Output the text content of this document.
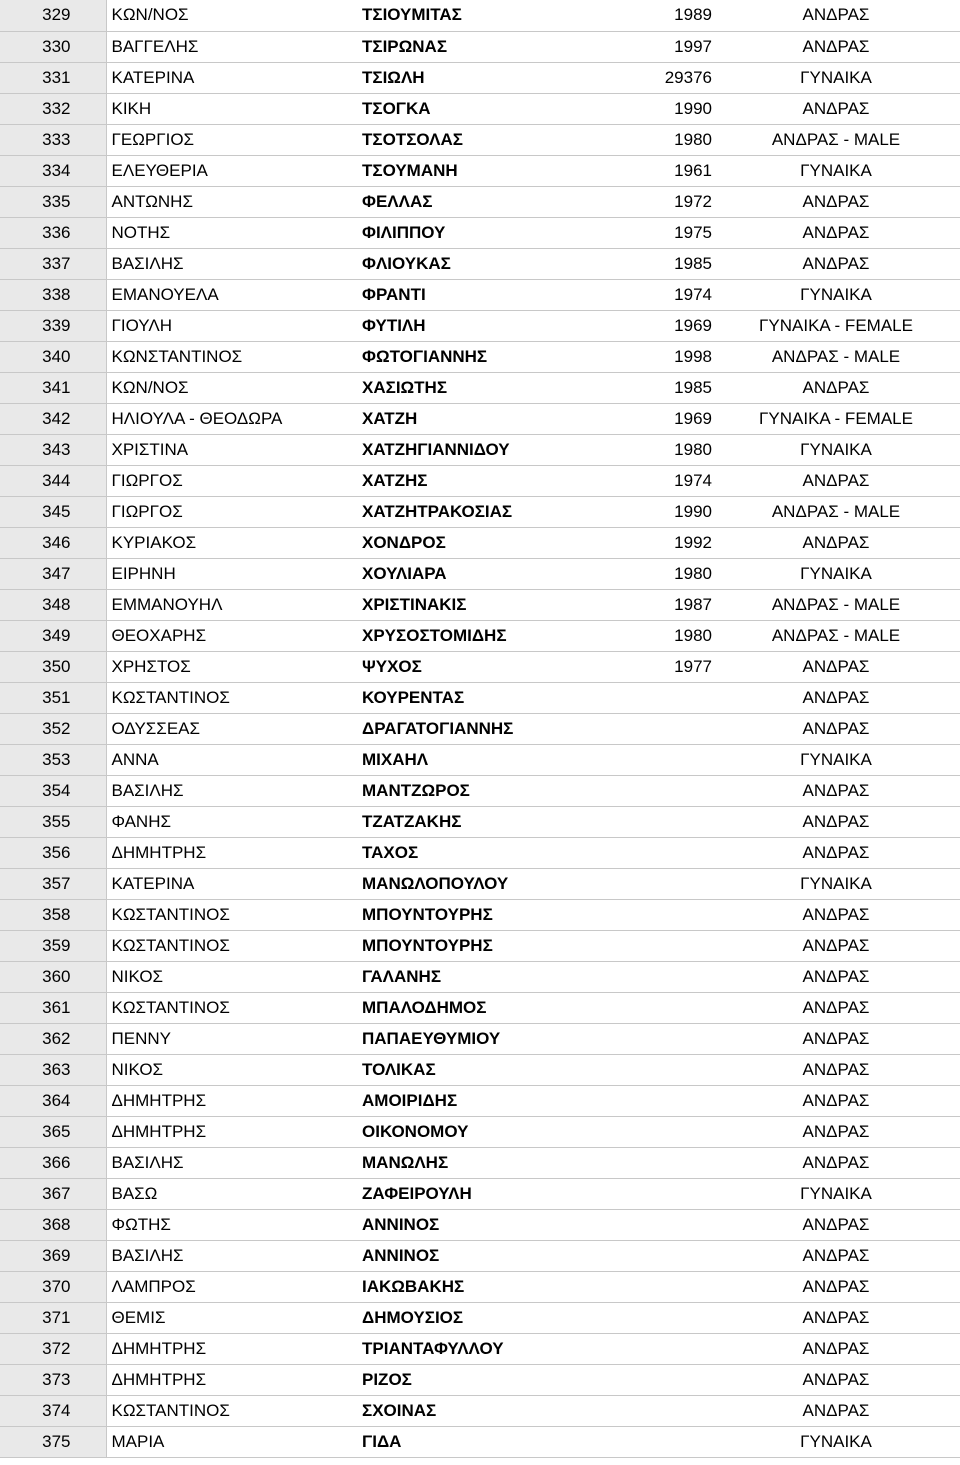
329	ΚΩΝ/ΝΟΣ	ΤΣΙΟΥΜΙΤΑΣ	1989	ΑΝΔΡΑΣ
330	ΒΑΓΓΕΛΗΣ	ΤΣΙΡΩΝΑΣ	1997	ΑΝΔΡΑΣ
331	ΚΑΤΕΡΙΝΑ	ΤΣΙΩΛΗ	29376	ΓΥΝΑΙΚΑ
332	ΚΙΚΗ	ΤΣΟΓΚΑ	1990	ΑΝΔΡΑΣ
333	ΓΕΩΡΓΙΟΣ	ΤΣΟΤΣΟΛΑΣ	1980	ΑΝΔΡΑΣ - MALE
334	ΕΛΕΥΘΕΡΙΑ	ΤΣΟΥΜΑΝΗ	1961	ΓΥΝΑΙΚΑ
335	ΑΝΤΩΝΗΣ	ΦΕΛΛΑΣ	1972	ΑΝΔΡΑΣ
336	ΝΟΤΗΣ	ΦΙΛΙΠΠΟΥ	1975	ΑΝΔΡΑΣ
337	ΒΑΣΙΛΗΣ	ΦΛΙΟΥΚΑΣ	1985	ΑΝΔΡΑΣ
338	ΕΜΑΝΟΥΕΛΑ	ΦΡΑΝΤΙ	1974	ΓΥΝΑΙΚΑ
339	ΓΙΟΥΛΗ	ΦΥΤΙΛΗ	1969	ΓΥΝΑΙΚΑ - FEMALE
340	ΚΩΝΣΤΑΝΤΙΝΟΣ	ΦΩΤΟΓΙΑΝΝΗΣ	1998	ΑΝΔΡΑΣ - MALE
341	ΚΩΝ/ΝΟΣ	ΧΑΣΙΩΤΗΣ	1985	ΑΝΔΡΑΣ
342	ΗΛΙΟΥΛΑ - ΘΕΟΔΩΡΑ	ΧΑΤΖΗ	1969	ΓΥΝΑΙΚΑ - FEMALE
343	ΧΡΙΣΤΙΝΑ	ΧΑΤΖΗΓΙΑΝΝΙΔΟΥ	1980	ΓΥΝΑΙΚΑ
344	ΓΙΩΡΓΟΣ	ΧΑΤΖΗΣ	1974	ΑΝΔΡΑΣ
345	ΓΙΩΡΓΟΣ	ΧΑΤΖΗΤΡΑΚΟΣΙΑΣ	1990	ΑΝΔΡΑΣ - MALE
346	ΚΥΡΙΑΚΟΣ	ΧΟΝΔΡΟΣ	1992	ΑΝΔΡΑΣ
347	ΕΙΡΗΝΗ	ΧΟΥΛΙΑΡΑ	1980	ΓΥΝΑΙΚΑ
348	ΕΜΜΑΝΟΥΗΛ	ΧΡΙΣΤΙΝΑΚΙΣ	1987	ΑΝΔΡΑΣ - MALE
349	ΘΕΟΧΑΡΗΣ	ΧΡΥΣΟΣΤΟΜΙΔΗΣ	1980	ΑΝΔΡΑΣ - MALE
350	ΧΡΗΣΤΟΣ	ΨΥΧΟΣ	1977	ΑΝΔΡΑΣ
351	ΚΩΣΤΑΝΤΙΝΟΣ	ΚΟΥΡΕΝΤΑΣ		ΑΝΔΡΑΣ
352	ΟΔΥΣΣΕΑΣ	ΔΡΑΓΑΤΟΓΙΑΝΝΗΣ		ΑΝΔΡΑΣ
353	ΑΝΝΑ	ΜΙΧΑΗΛ		ΓΥΝΑΙΚΑ
354	ΒΑΣΙΛΗΣ	ΜΑΝΤΖΩΡΟΣ		ΑΝΔΡΑΣ
355	ΦΑΝΗΣ	ΤΖΑΤΖΑΚΗΣ		ΑΝΔΡΑΣ
356	ΔΗΜΗΤΡΗΣ	ΤΑΧΟΣ		ΑΝΔΡΑΣ
357	ΚΑΤΕΡΙΝΑ	ΜΑΝΩΛΟΠΟΥΛΟΥ		ΓΥΝΑΙΚΑ
358	ΚΩΣΤΑΝΤΙΝΟΣ	ΜΠΟΥΝΤΟΥΡΗΣ		ΑΝΔΡΑΣ
359	ΚΩΣΤΑΝΤΙΝΟΣ	ΜΠΟΥΝΤΟΥΡΗΣ		ΑΝΔΡΑΣ
360	ΝΙΚΟΣ	ΓΑΛΑΝΗΣ		ΑΝΔΡΑΣ
361	ΚΩΣΤΑΝΤΙΝΟΣ	ΜΠΑΛΟΔΗΜΟΣ		ΑΝΔΡΑΣ
362	ΠΕΝΝΥ	ΠΑΠΑΕΥΘΥΜΙΟΥ		ΑΝΔΡΑΣ
363	ΝΙΚΟΣ	ΤΟΛΙΚΑΣ		ΑΝΔΡΑΣ
364	ΔΗΜΗΤΡΗΣ	ΑΜΟΙΡΙΔΗΣ		ΑΝΔΡΑΣ
365	ΔΗΜΗΤΡΗΣ	ΟΙΚΟΝΟΜΟΥ		ΑΝΔΡΑΣ
366	ΒΑΣΙΛΗΣ	ΜΑΝΩΛΗΣ		ΑΝΔΡΑΣ
367	ΒΑΣΩ	ΖΑΦΕΙΡΟΥΛΗ		ΓΥΝΑΙΚΑ
368	ΦΩΤΗΣ	ΑΝΝΙΝΟΣ		ΑΝΔΡΑΣ
369	ΒΑΣΙΛΗΣ	ΑΝΝΙΝΟΣ		ΑΝΔΡΑΣ
370	ΛΑΜΠΡΟΣ	ΙΑΚΩΒΑΚΗΣ		ΑΝΔΡΑΣ
371	ΘΕΜΙΣ	ΔΗΜΟΥΣΙΟΣ		ΑΝΔΡΑΣ
372	ΔΗΜΗΤΡΗΣ	ΤΡΙΑΝΤΑΦΥΛΛΟΥ		ΑΝΔΡΑΣ
373	ΔΗΜΗΤΡΗΣ	ΡΙΖΟΣ		ΑΝΔΡΑΣ
374	ΚΩΣΤΑΝΤΙΝΟΣ	ΣΧΟΙΝΑΣ		ΑΝΔΡΑΣ
375	ΜΑΡΙΑ	ΓΙΔΑ		ΓΥΝΑΙΚΑ
